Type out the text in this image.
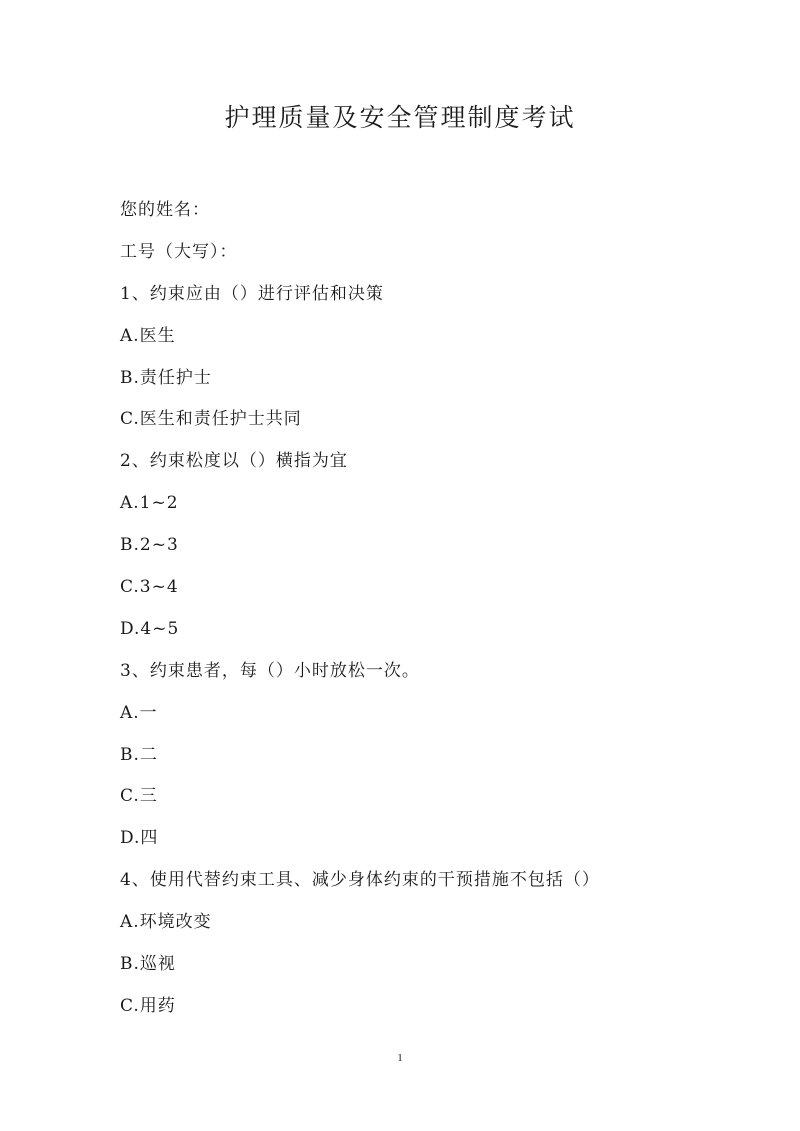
护理质量及安全管理制度考试
您的姓名：
工号（大写）：
1、约束应由（）进行评估和决策
A.医生
B.责任护士
C.医生和责任护士共同
2、约束松度以（）横指为宜
A.1~2
B.2~3
C.3~4
D.4~5
3、约束患者，每（）小时放松一次。
A.一
B.二
C.三
D.四
4、使用代替约束工具、减少身体约束的干预措施不包括（）
A.环境改变
B.巡视
C.用药
1
